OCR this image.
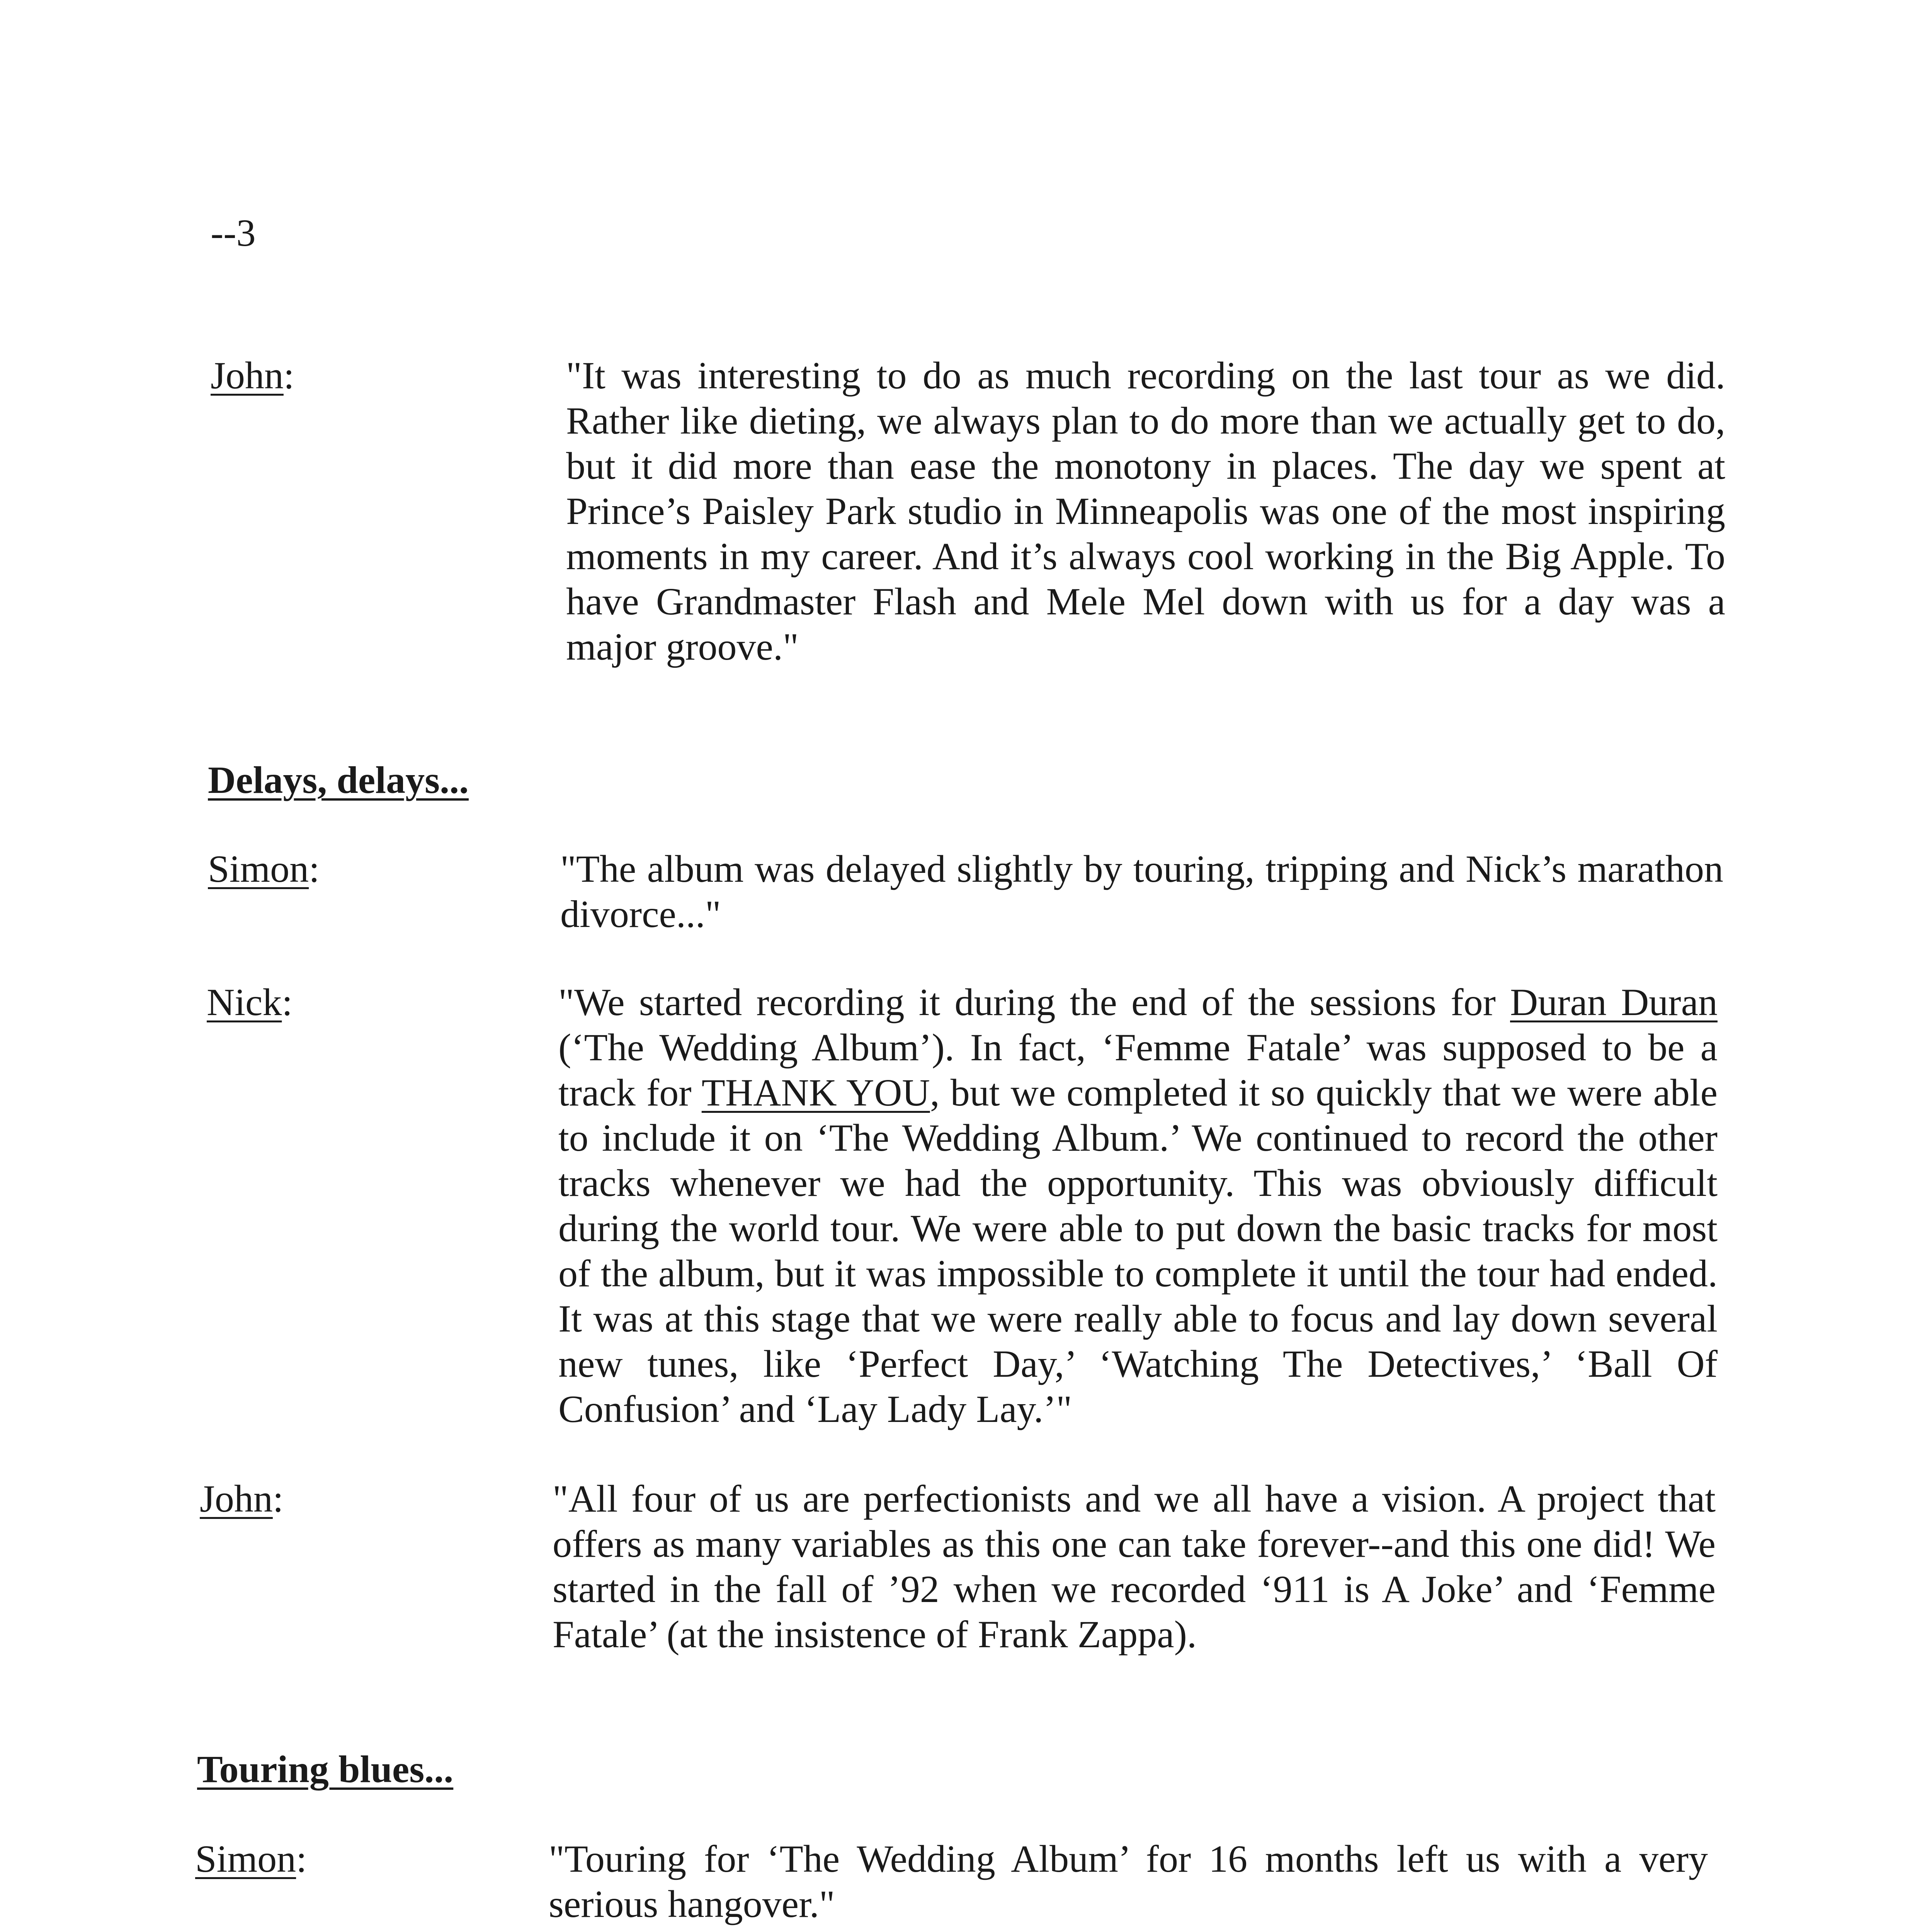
--3
John:	"It was interesting to do as much recording on the last tour as we did. Rather like dieting, we always plan to do more than we actually get to do, but it did more than ease the monotony in places. The day we spent at Prince’s Paisley Park studio in Minneapolis was one of the most inspiring moments in my career. And it’s always cool working in the Big Apple. To have Grandmaster Flash and Mele Mel down with us for a day was a major groove."
Delays, delays...
Simon:	"The album was delayed slightly by touring, tripping and Nick’s marathon divorce..."
Nick:	"We started recording it during the end of the sessions for Duran Duran (‘The Wedding Album’). In fact, ‘Femme Fatale’ was supposed to be a track for THANK YOU, but we completed it so quickly that we were able to include it on ‘The Wedding Album.’ We continued to record the other tracks whenever we had the opportunity. This was obviously difficult during the world tour. We were able to put down the basic tracks for most of the album, but it was impossible to complete it until the tour had ended. It was at this stage that we were really able to focus and lay down several new tunes, like ‘Perfect Day,’ ‘Watching The Detectives,’ ‘Ball Of Confusion’ and ‘Lay Lady Lay.’"
John:	"All four of us are perfectionists and we all have a vision. A project that offers as many variables as this one can take forever--and this one did! We started in the fall of ’92 when we recorded ‘911 is A Joke’ and ‘Femme Fatale’ (at the insistence of Frank Zappa).
Touring blues...
Simon:	"Touring for ‘The Wedding Album’ for 16 months left us with a very serious hangover."
